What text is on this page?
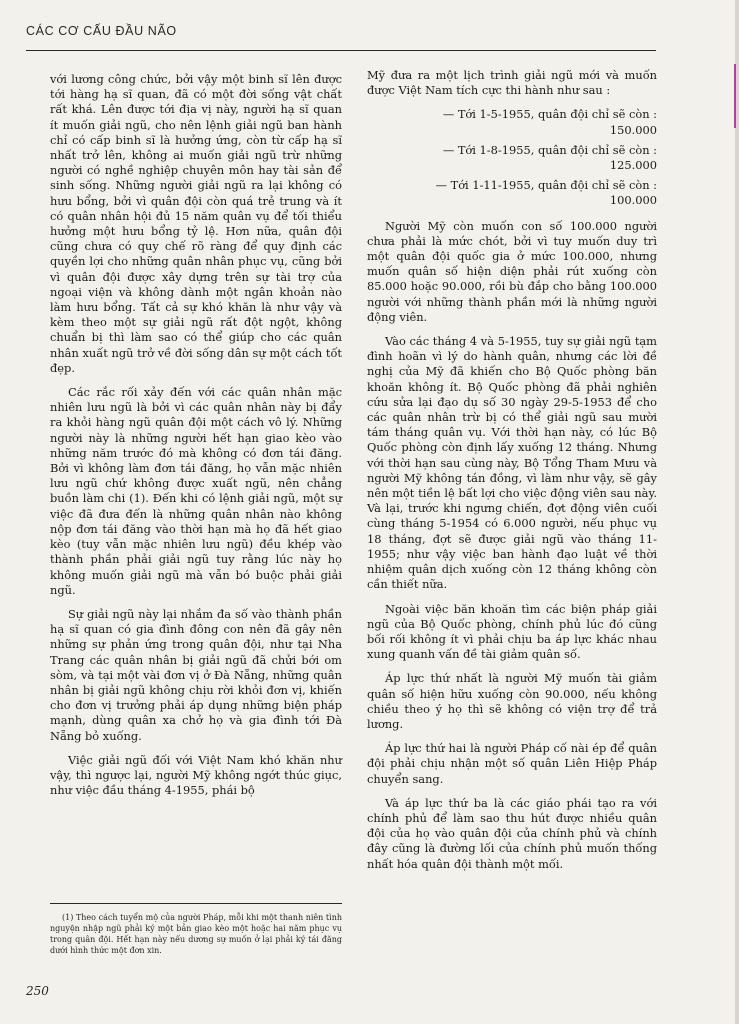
CÁC CƠ CẤU ĐẦU NÃO

với lương công chức, bởi vậy một binh sĩ lên được tới hàng hạ sĩ quan, đã có một đời sống vật chất rất khá. Lên được tới địa vị này, người hạ sĩ quan ít muốn giải ngũ, cho nên lệnh giải ngũ ban hành chỉ có cấp binh sĩ là hưởng ứng, còn từ cấp hạ sĩ nhất trở lên, không ai muốn giải ngũ trừ những người có nghề nghiệp chuyên môn hay tài sản để sinh sống. Những người giải ngũ ra lại không có hưu bổng, bởi vì quân đội còn quá trẻ trung và ít có quân nhân hội đủ 15 năm quân vụ để tối thiểu hưởng một hưu bổng tỷ lệ. Hơn nữa, quân đội cũng chưa có quy chế rõ ràng để quy định các quyền lợi cho những quân nhân phục vụ, cũng bởi vì quân đội được xây dựng trên sự tài trợ của ngoại viện và không dành một ngân khoản nào làm hưu bổng. Tất cả sự khó khăn là như vậy và kèm theo một sự giải ngũ rất đột ngột, không chuẩn bị thì làm sao có thể giúp cho các quân nhân xuất ngũ trở về đời sống dân sự một cách tốt đẹp.

Các rắc rối xảy đến với các quân nhân mặc nhiên lưu ngũ là bởi vì các quân nhân này bị đẩy ra khỏi hàng ngũ quân đội một cách vô lý. Những người này là những người hết hạn giao kèo vào những năm trước đó mà không có đơn tái đăng. Bởi vì không làm đơn tái đăng, họ vẫn mặc nhiên lưu ngũ chứ không được xuất ngũ, nên chẳng buồn làm chi (1). Đến khi có lệnh giải ngũ, một sự việc đã đưa đến là những quân nhân nào không nộp đơn tái đăng vào thời hạn mà họ đã hết giao kèo (tuy vẫn mặc nhiên lưu ngũ) đều khép vào thành phần phải giải ngũ tuy rằng lúc này họ không muốn giải ngũ mà vẫn bó buộc phải giải ngũ.

Sự giải ngũ này lại nhắm đa số vào thành phần hạ sĩ quan có gia đình đông con nên đã gây nên những sự phản ứng trong quân đội, như tại Nha Trang các quân nhân bị giải ngũ đã chửi bới om sòm, và tại một vài đơn vị ở Đà Nẵng, những quân nhân bị giải ngũ không chịu rời khỏi đơn vị, khiến cho đơn vị trưởng phải áp dụng những biện pháp mạnh, dùng quân xa chở họ và gia đình tới Đà Nẵng bỏ xuống.

Việc giải ngũ đối với Việt Nam khó khăn như vậy, thì ngược lại, người Mỹ không ngớt thúc giục, như việc đầu tháng 4-1955, phái bộ

Mỹ đưa ra một lịch trình giải ngũ mới và muốn được Việt Nam tích cực thi hành như sau :

— Tới 1-5-1955, quân đội chỉ sẽ còn :
150.000
— Tới 1-8-1955, quân đội chỉ sẽ còn :
125.000
— Tới 1-11-1955, quân đội chỉ sẽ còn :
100.000

Người Mỹ còn muốn con số 100.000 người chưa phải là mức chót, bởi vì tuy muốn duy trì một quân đội quốc gia ở mức 100.000, nhưng muốn quân số hiện diện phải rút xuống còn 85.000 hoặc 90.000, rồi bù đắp cho bằng 100.000 người với những thành phần mới là những người động viên.

Vào các tháng 4 và 5-1955, tuy sự giải ngũ tạm đình hoãn vì lý do hành quân, nhưng các lời đề nghị của Mỹ đã khiến cho Bộ Quốc phòng băn khoăn không ít. Bộ Quốc phòng đã phải nghiên cứu sửa lại đạo dụ số 30 ngày 29-5-1953 để cho các quân nhân trừ bị có thể giải ngũ sau mười tám tháng quân vụ. Với thời hạn này, có lúc Bộ Quốc phòng còn định lấy xuống 12 tháng. Nhưng với thời hạn sau cùng này, Bộ Tổng Tham Mưu và người Mỹ không tán đồng, vì làm như vậy, sẽ gây nên một tiền lệ bất lợi cho việc động viên sau này. Và lại, trước khi ngưng chiến, đợt động viên cuối cùng tháng 5-1954 có 6.000 người, nếu phục vụ 18 tháng, đợt sẽ được giải ngũ vào tháng 11-1955; như vậy việc ban hành đạo luật về thời nhiệm quân dịch xuống còn 12 tháng không còn cần thiết nữa.

Ngoài việc băn khoăn tìm các biện pháp giải ngũ của Bộ Quốc phòng, chính phủ lúc đó cũng bối rối không ít vì phải chịu ba áp lực khác nhau xung quanh vấn đề tài giảm quân số.

Áp lực thứ nhất là người Mỹ muốn tài giảm quân số hiện hữu xuống còn 90.000, nếu không chiều theo ý họ thì sẽ không có viện trợ để trả lương.

Áp lực thứ hai là người Pháp cố nài ép để quân đội phải chịu nhận một số quân Liên Hiệp Pháp chuyển sang.

Và áp lực thứ ba là các giáo phái tạo ra với chính phủ để làm sao thu hút được nhiều quân đội của họ vào quân đội của chính phủ và chính đây cũng là đường lối của chính phủ muốn thống nhất hóa quân đội thành một mối.

(1) Theo cách tuyển mộ của người Pháp, mỗi khi một thanh niên tình nguyện nhập ngũ phải ký một bản giao kèo một hoặc hai năm phục vụ trong quân đội. Hết hạn này nếu dương sự muốn ở lại phải ký tái đăng dưới hình thức một đơn xin.

250
